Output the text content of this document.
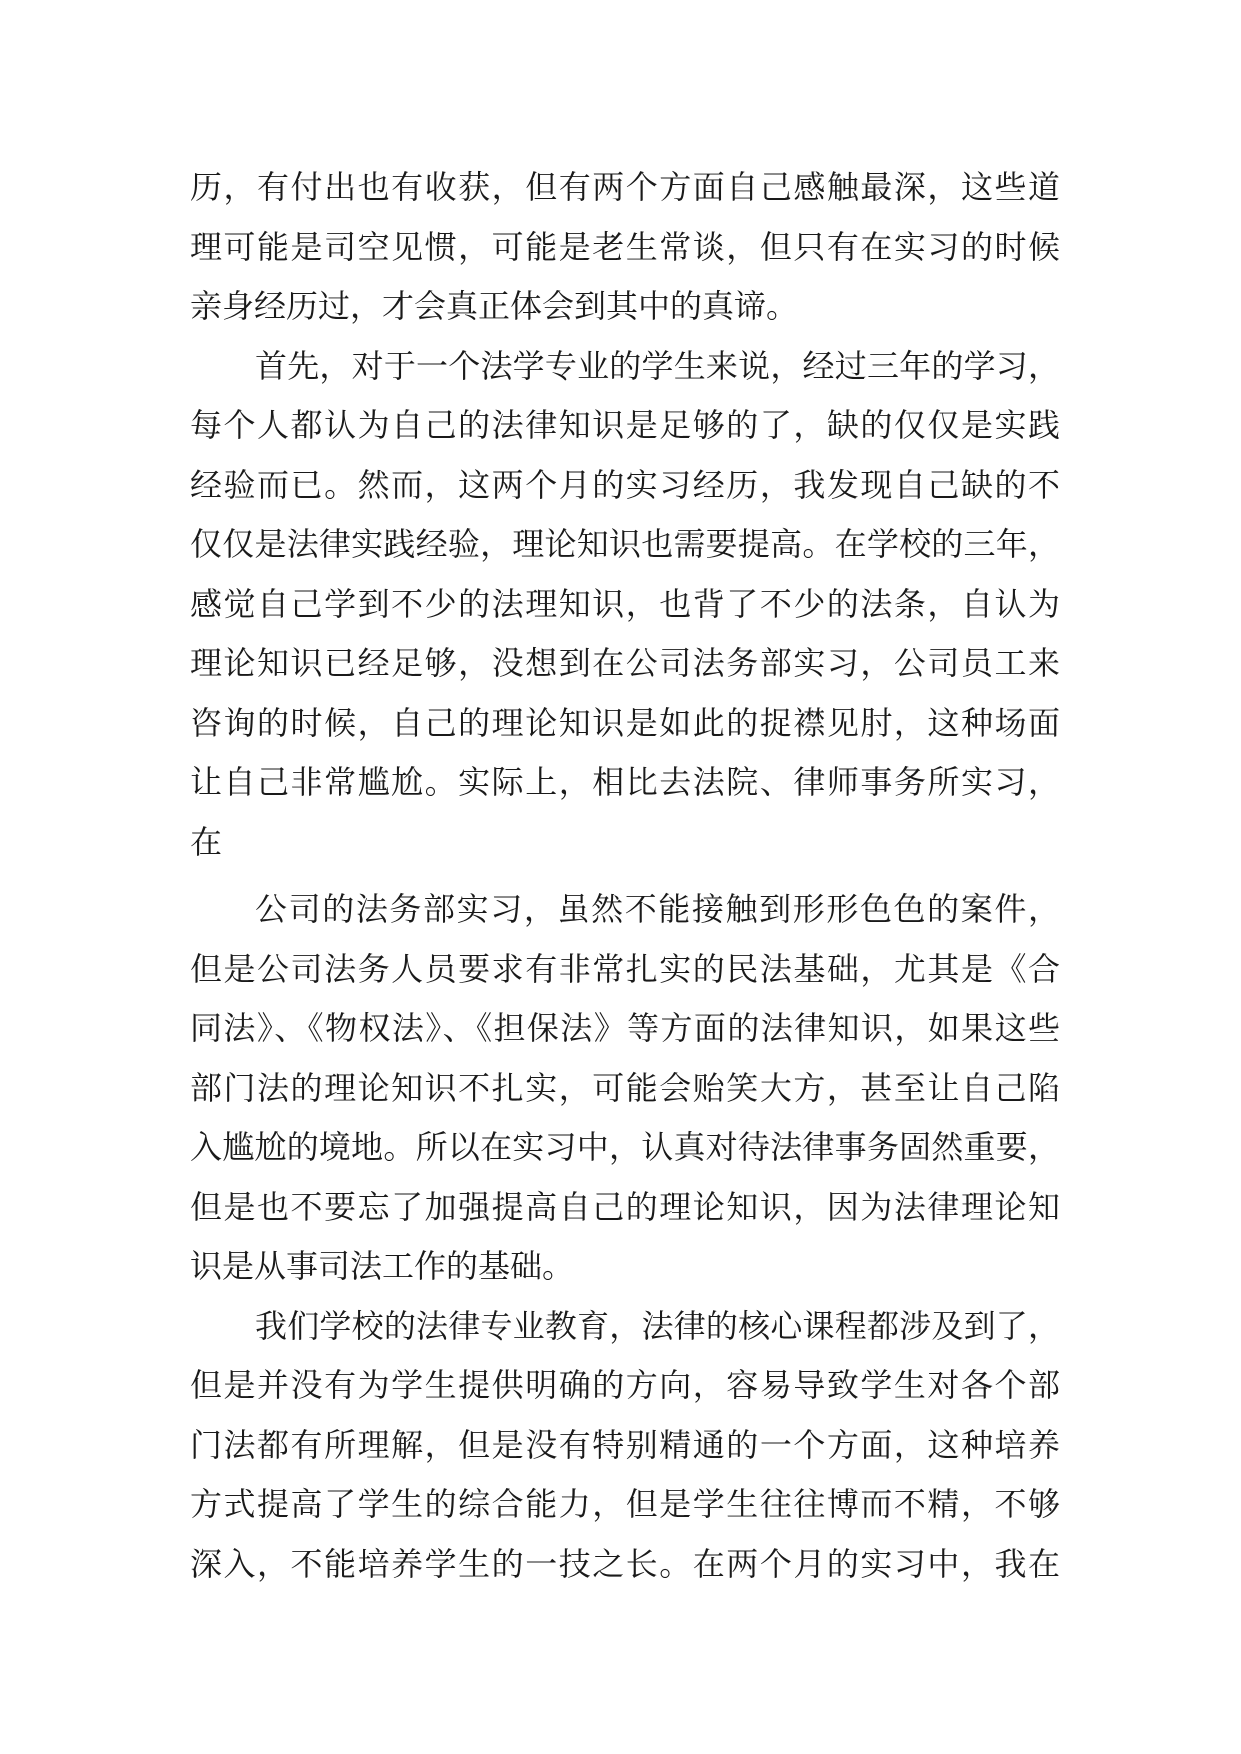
历，有付出也有收获，但有两个方面自己感触最深，这些道
理可能是司空见惯，可能是老生常谈，但只有在实习的时候
亲身经历过，才会真正体会到其中的真谛。
首先，对于一个法学专业的学生来说，经过三年的学习，
每个人都认为自己的法律知识是足够的了，缺的仅仅是实践
经验而已。然而，这两个月的实习经历，我发现自己缺的不
仅仅是法律实践经验，理论知识也需要提高。在学校的三年，
感觉自己学到不少的法理知识，也背了不少的法条，自认为
理论知识已经足够，没想到在公司法务部实习，公司员工来
咨询的时候，自己的理论知识是如此的捉襟见肘，这种场面
让自己非常尴尬。实际上，相比去法院、律师事务所实习，
在
公司的法务部实习，虽然不能接触到形形色色的案件，
但是公司法务人员要求有非常扎实的民法基础，尤其是《合
同法》、《物权法》、《担保法》等方面的法律知识，如果这些
部门法的理论知识不扎实，可能会贻笑大方，甚至让自己陷
入尴尬的境地。所以在实习中，认真对待法律事务固然重要，
但是也不要忘了加强提高自己的理论知识，因为法律理论知
识是从事司法工作的基础。
我们学校的法律专业教育，法律的核心课程都涉及到了，
但是并没有为学生提供明确的方向，容易导致学生对各个部
门法都有所理解，但是没有特别精通的一个方面，这种培养
方式提高了学生的综合能力，但是学生往往博而不精，不够
深入，不能培养学生的一技之长。在两个月的实习中，我在
